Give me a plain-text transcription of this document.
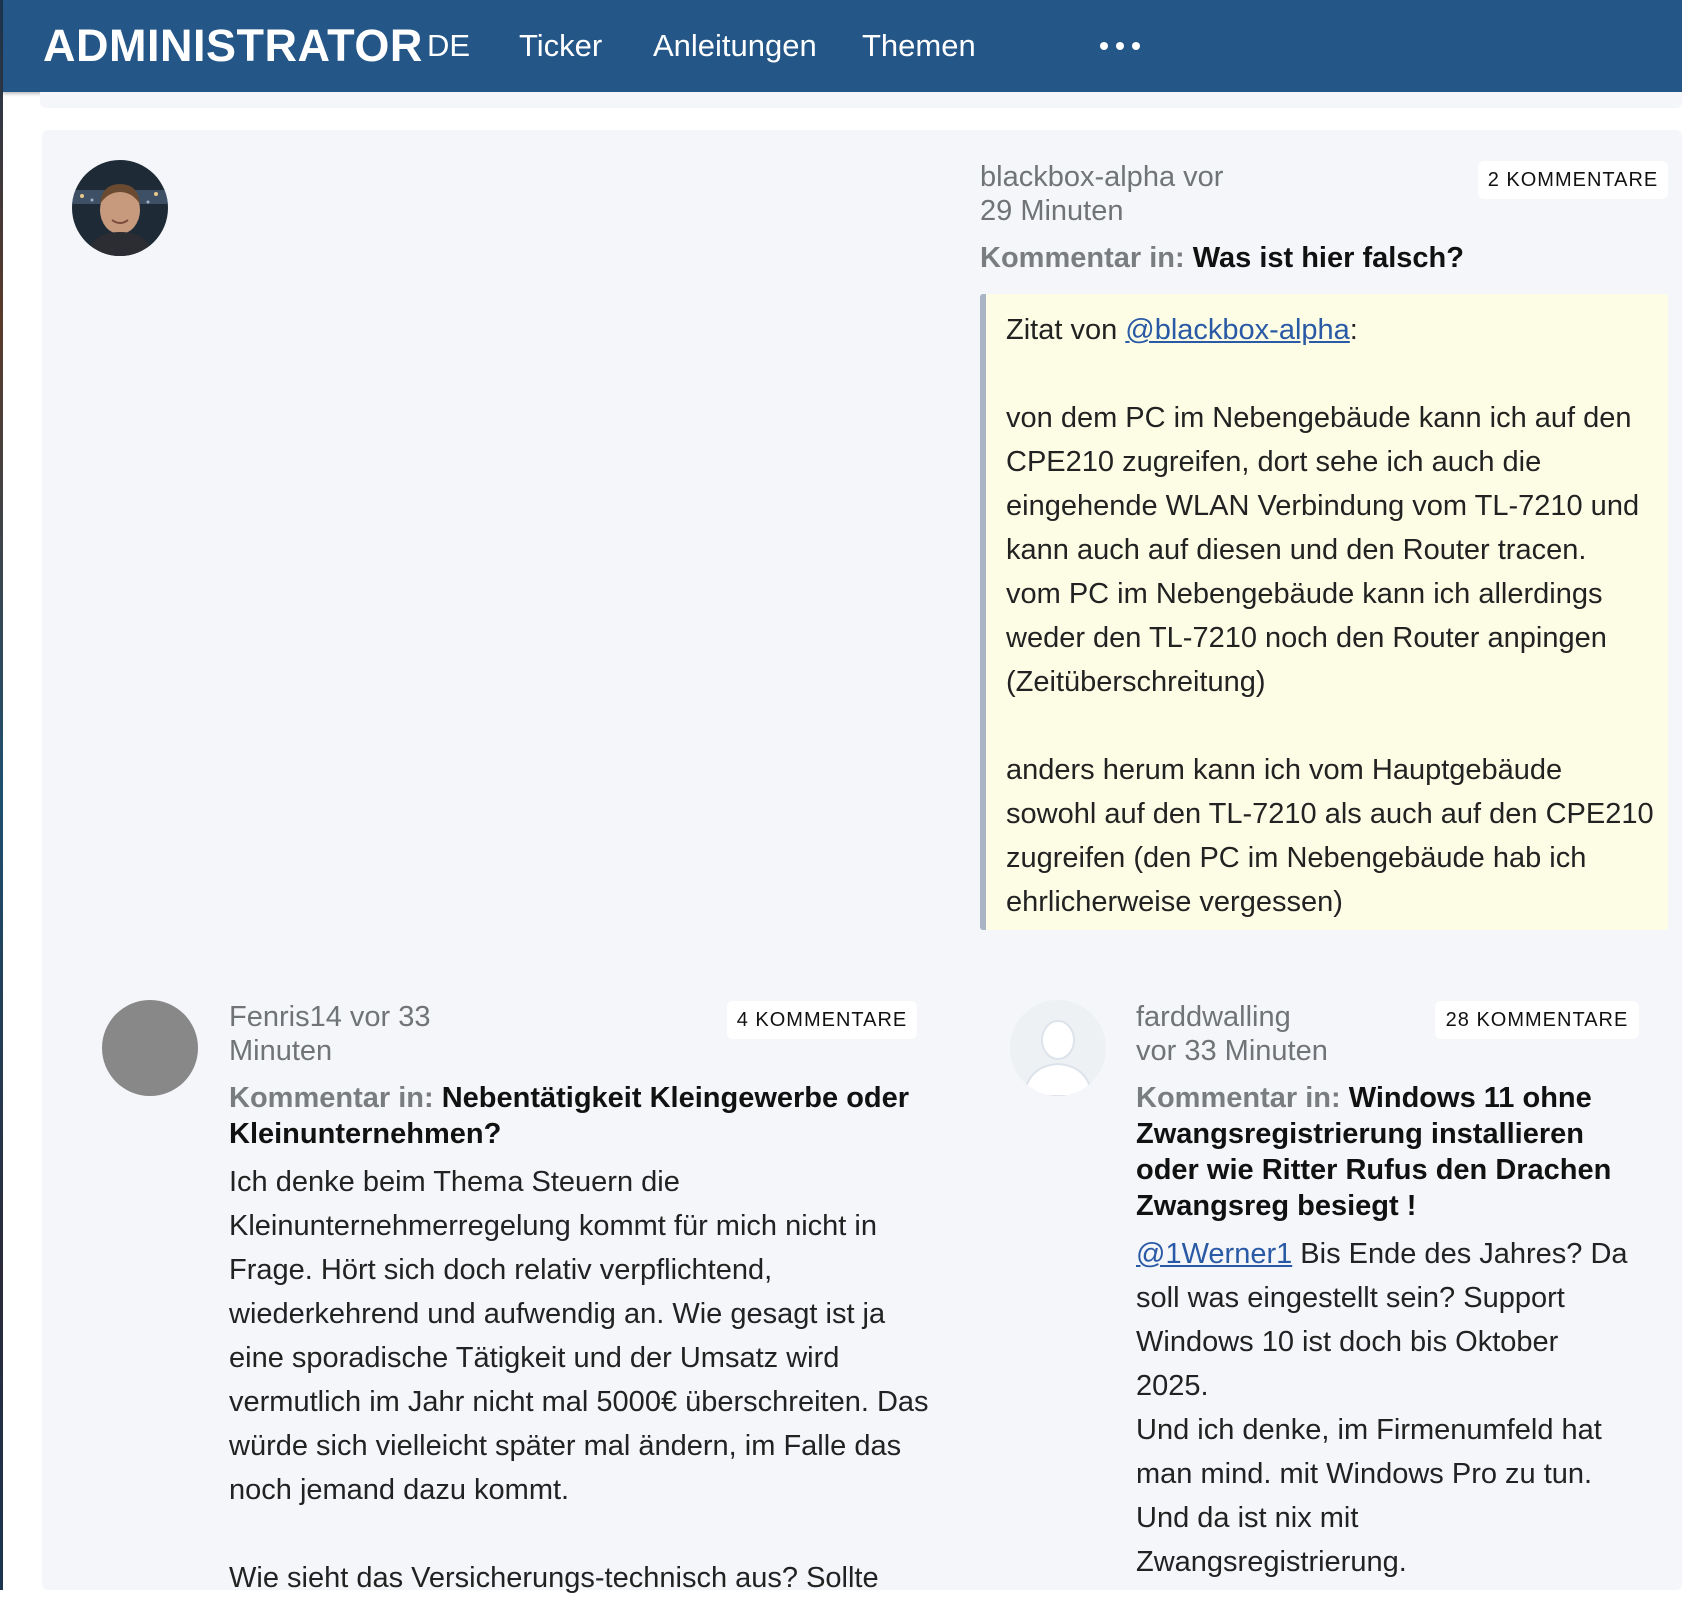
ADMINISTRATOR DE Ticker Anleitungen Themen
blackbox-alpha vor
29 Minuten
2 KOMMENTARE
Kommentar in: Was ist hier falsch?

Zitat von @blackbox-alpha:

von dem PC im Nebengebäude kann ich auf den CPE210 zugreifen, dort sehe ich auch die eingehende WLAN Verbindung vom TL-7210 und kann auch auf diesen und den Router tracen.

vom PC im Nebengebäude kann ich allerdings weder den TL-7210 noch den Router anpingen (Zeitüberschreitung)

anders herum kann ich vom Hauptgebäude sowohl auf den TL-7210 als auch auf den CPE210 zugreifen (den PC im Nebengebäude hab ich ehrlicherweise vergessen)

Fenris14 vor 33
Minuten
4 KOMMENTARE
Kommentar in: Nebentätigkeit Kleingewerbe oder Kleinunternehmen?
Ich denke beim Thema Steuern die Kleinunternehmerregelung kommt für mich nicht in Frage. Hört sich doch relativ verpflichtend, wiederkehrend und aufwendig an. Wie gesagt ist ja eine sporadische Tätigkeit und der Umsatz wird vermutlich im Jahr nicht mal 5000€ überschreiten. Das würde sich vielleicht später mal ändern, im Falle das noch jemand dazu kommt.
Wie sieht das Versicherungs-technisch aus? Sollte
farddwalling
vor 33 Minuten
28 KOMMENTARE
Kommentar in: Windows 11 ohne Zwangsregistrierung installieren oder wie Ritter Rufus den Drachen Zwangsreg besiegt !
@1Werner1 Bis Ende des Jahres? Da soll was eingestellt sein? Support Windows 10 ist doch bis Oktober 2025.
Und ich denke, im Firmenumfeld hat man mind. mit Windows Pro zu tun. Und da ist nix mit Zwangsregistrierung.
